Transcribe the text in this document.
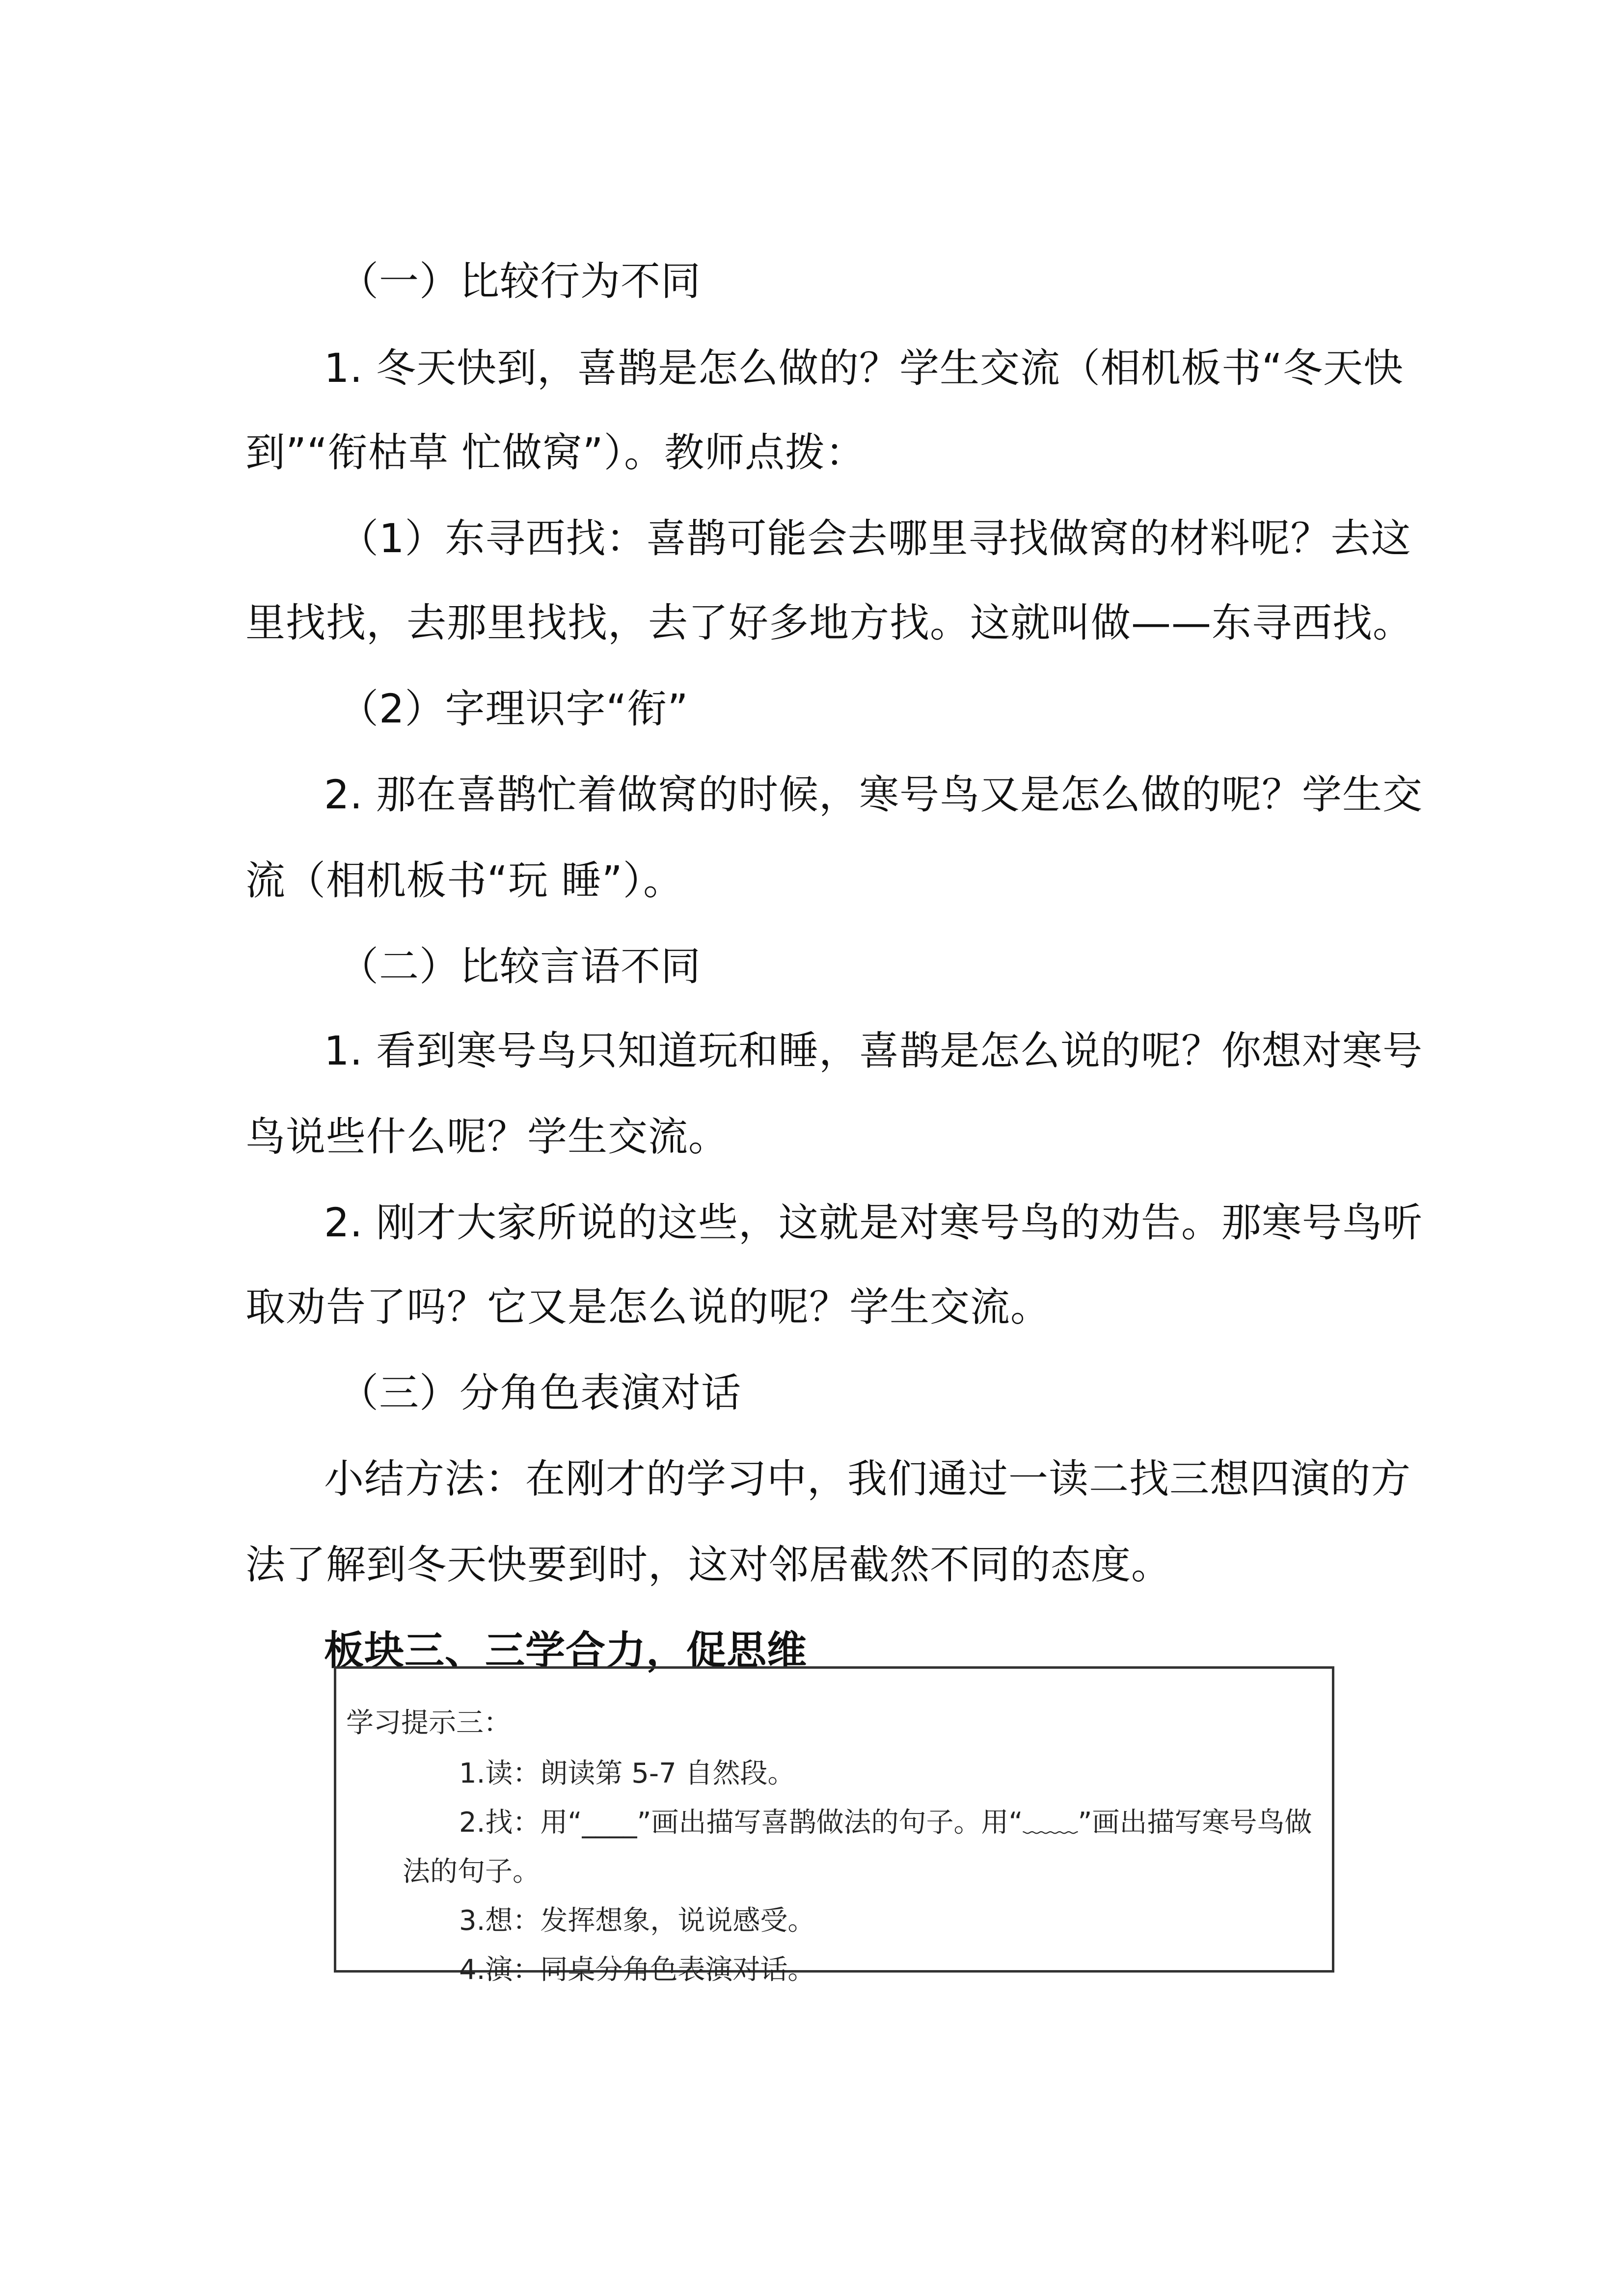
（一）比较行为不同

1. 冬天快到，喜鹊是怎么做的？学生交流（相机板书“冬天快

到”“衔枯草 忙做窝”）。教师点拨：

（1）东寻西找：喜鹊可能会去哪里寻找做窝的材料呢？去这

里找找，去那里找找，去了好多地方找。这就叫做——东寻西找。

（2）字理识字“衔”

2. 那在喜鹊忙着做窝的时候，寒号鸟又是怎么做的呢？学生交

流（相机板书“玩 睡”）。

（二）比较言语不同

1. 看到寒号鸟只知道玩和睡，喜鹊是怎么说的呢？你想对寒号

鸟说些什么呢？学生交流。

2. 刚才大家所说的这些，这就是对寒号鸟的劝告。那寒号鸟听

取劝告了吗？它又是怎么说的呢？学生交流。

（三）分角色表演对话

小结方法：在刚才的学习中，我们通过一读二找三想四演的方

法了解到冬天快要到时，这对邻居截然不同的态度。

板块三、三学合力，促思维

学习提示三：

1.读：朗读第 5-7 自然段。

2.找：用“____”画出描写喜鹊做法的句子。用“﹏﹏”画出描写寒号鸟做

法的句子。

3.想：发挥想象，说说感受。

4.演：同桌分角色表演对话。
